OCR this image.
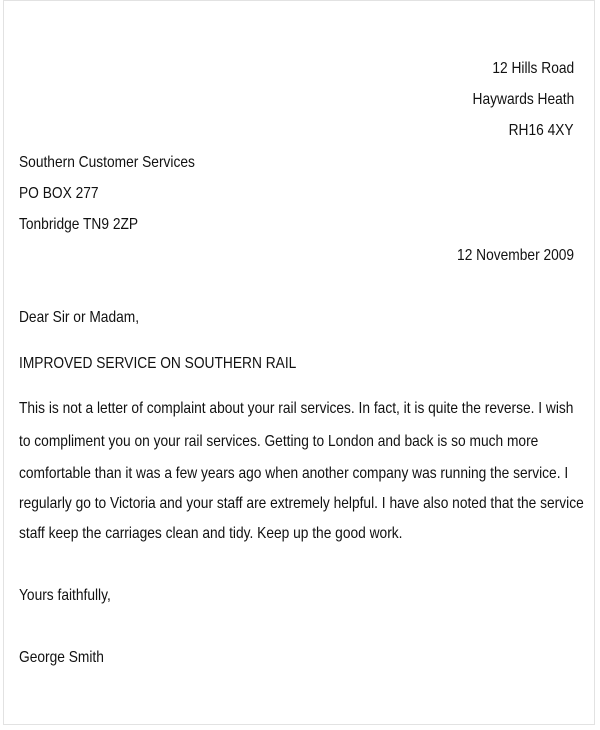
12 Hills Road
Haywards Heath
RH16 4XY
Southern Customer Services
PO BOX 277
Tonbridge TN9 2ZP
12 November 2009
Dear Sir or Madam,
IMPROVED SERVICE ON SOUTHERN RAIL
This is not a letter of complaint about your rail services. In fact, it is quite the reverse. I wish
to compliment you on your rail services. Getting to London and back is so much more
comfortable than it was a few years ago when another company was running the service. I
regularly go to Victoria and your staff are extremely helpful. I have also noted that the service
staff keep the carriages clean and tidy. Keep up the good work.
Yours faithfully,
George Smith
